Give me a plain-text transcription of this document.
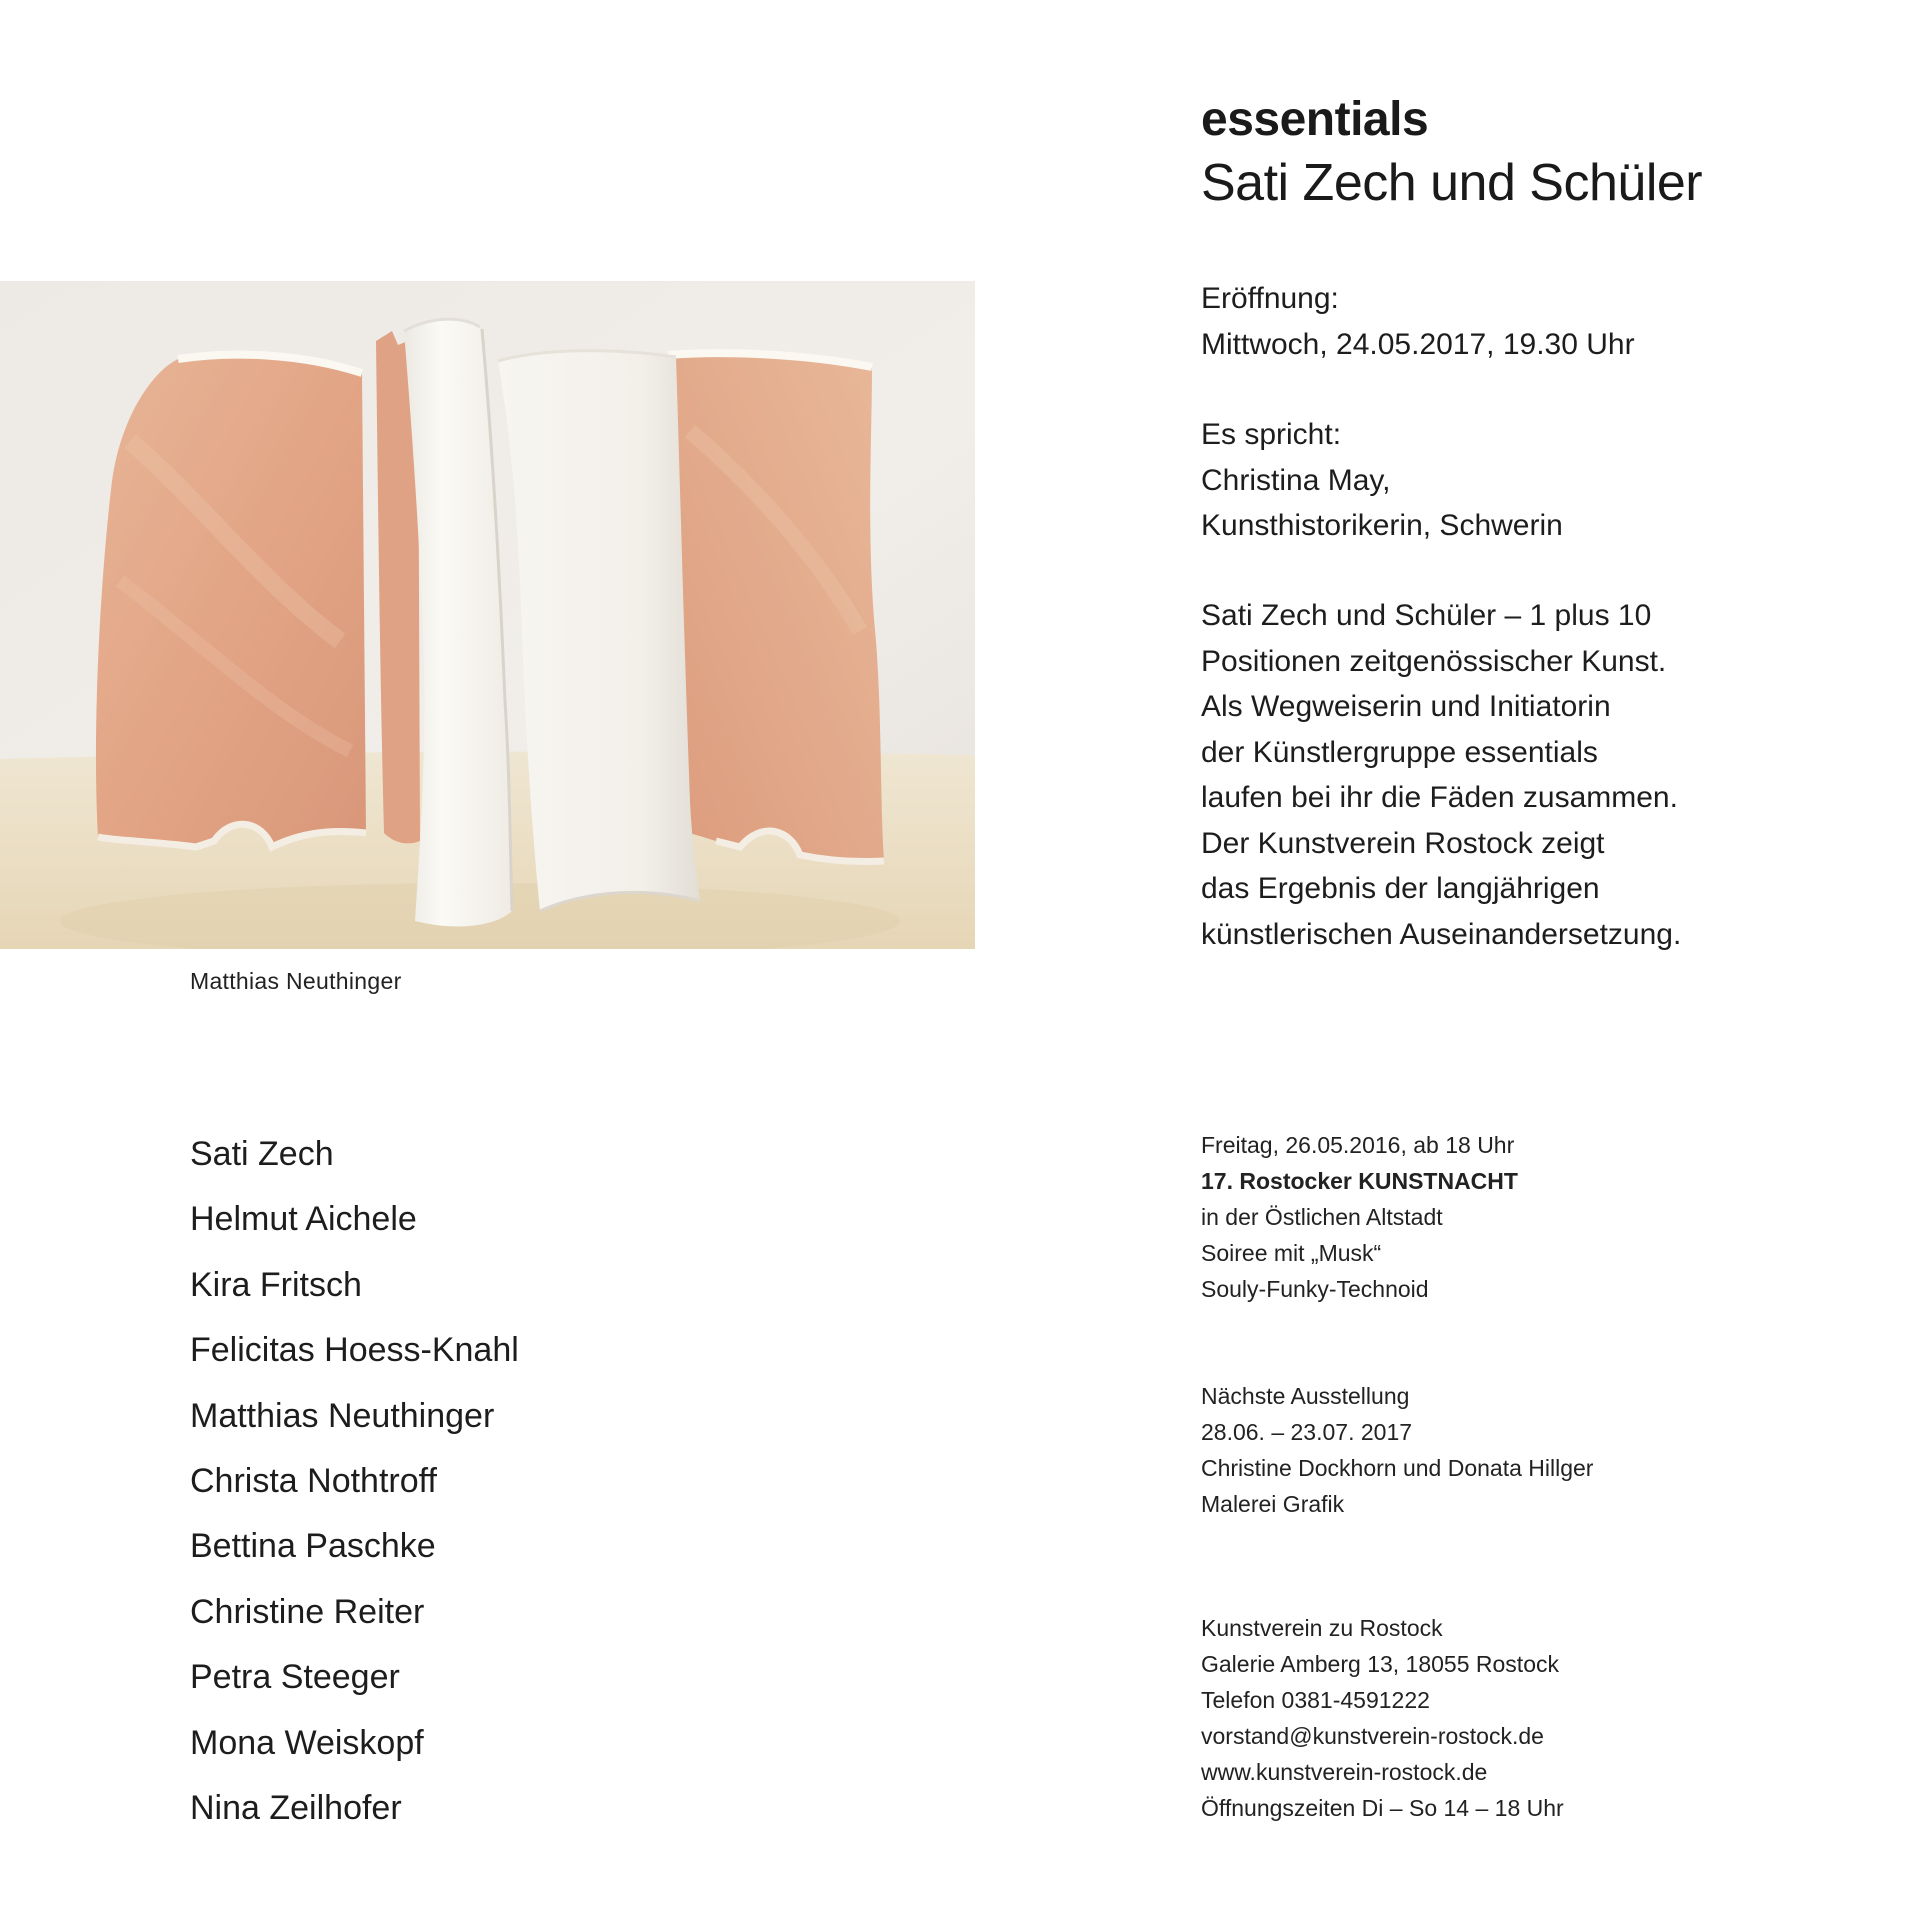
Matthias Neuthinger
essentials
Sati Zech und Schüler
Eröffnung:
Mittwoch, 24.05.2017, 19.30 Uhr
Es spricht:
Christina May,
Kunsthistorikerin, Schwerin
Sati Zech und Schüler – 1 plus 10
Positionen zeitgenössischer Kunst.
Als Wegweiserin und Initiatorin
der Künstlergruppe essentials
laufen bei ihr die Fäden zusammen.
Der Kunstverein Rostock zeigt
das Ergebnis der langjährigen
künstlerischen Auseinandersetzung.
Sati Zech
Helmut Aichele
Kira Fritsch
Felicitas Hoess-Knahl
Matthias Neuthinger
Christa Nothtroff
Bettina Paschke
Christine Reiter
Petra Steeger
Mona Weiskopf
Nina Zeilhofer
Freitag, 26.05.2016, ab 18 Uhr
17. Rostocker KUNSTNACHT
in der Östlichen Altstadt
Soiree mit „Musk“
Souly-Funky-Technoid
Nächste Ausstellung
28.06. – 23.07. 2017
Christine Dockhorn und Donata Hillger
Malerei Grafik
Kunstverein zu Rostock
Galerie Amberg 13, 18055 Rostock
Telefon 0381-4591222
vorstand@kunstverein-rostock.de
www.kunstverein-rostock.de
Öffnungszeiten Di – So 14 – 18 Uhr
